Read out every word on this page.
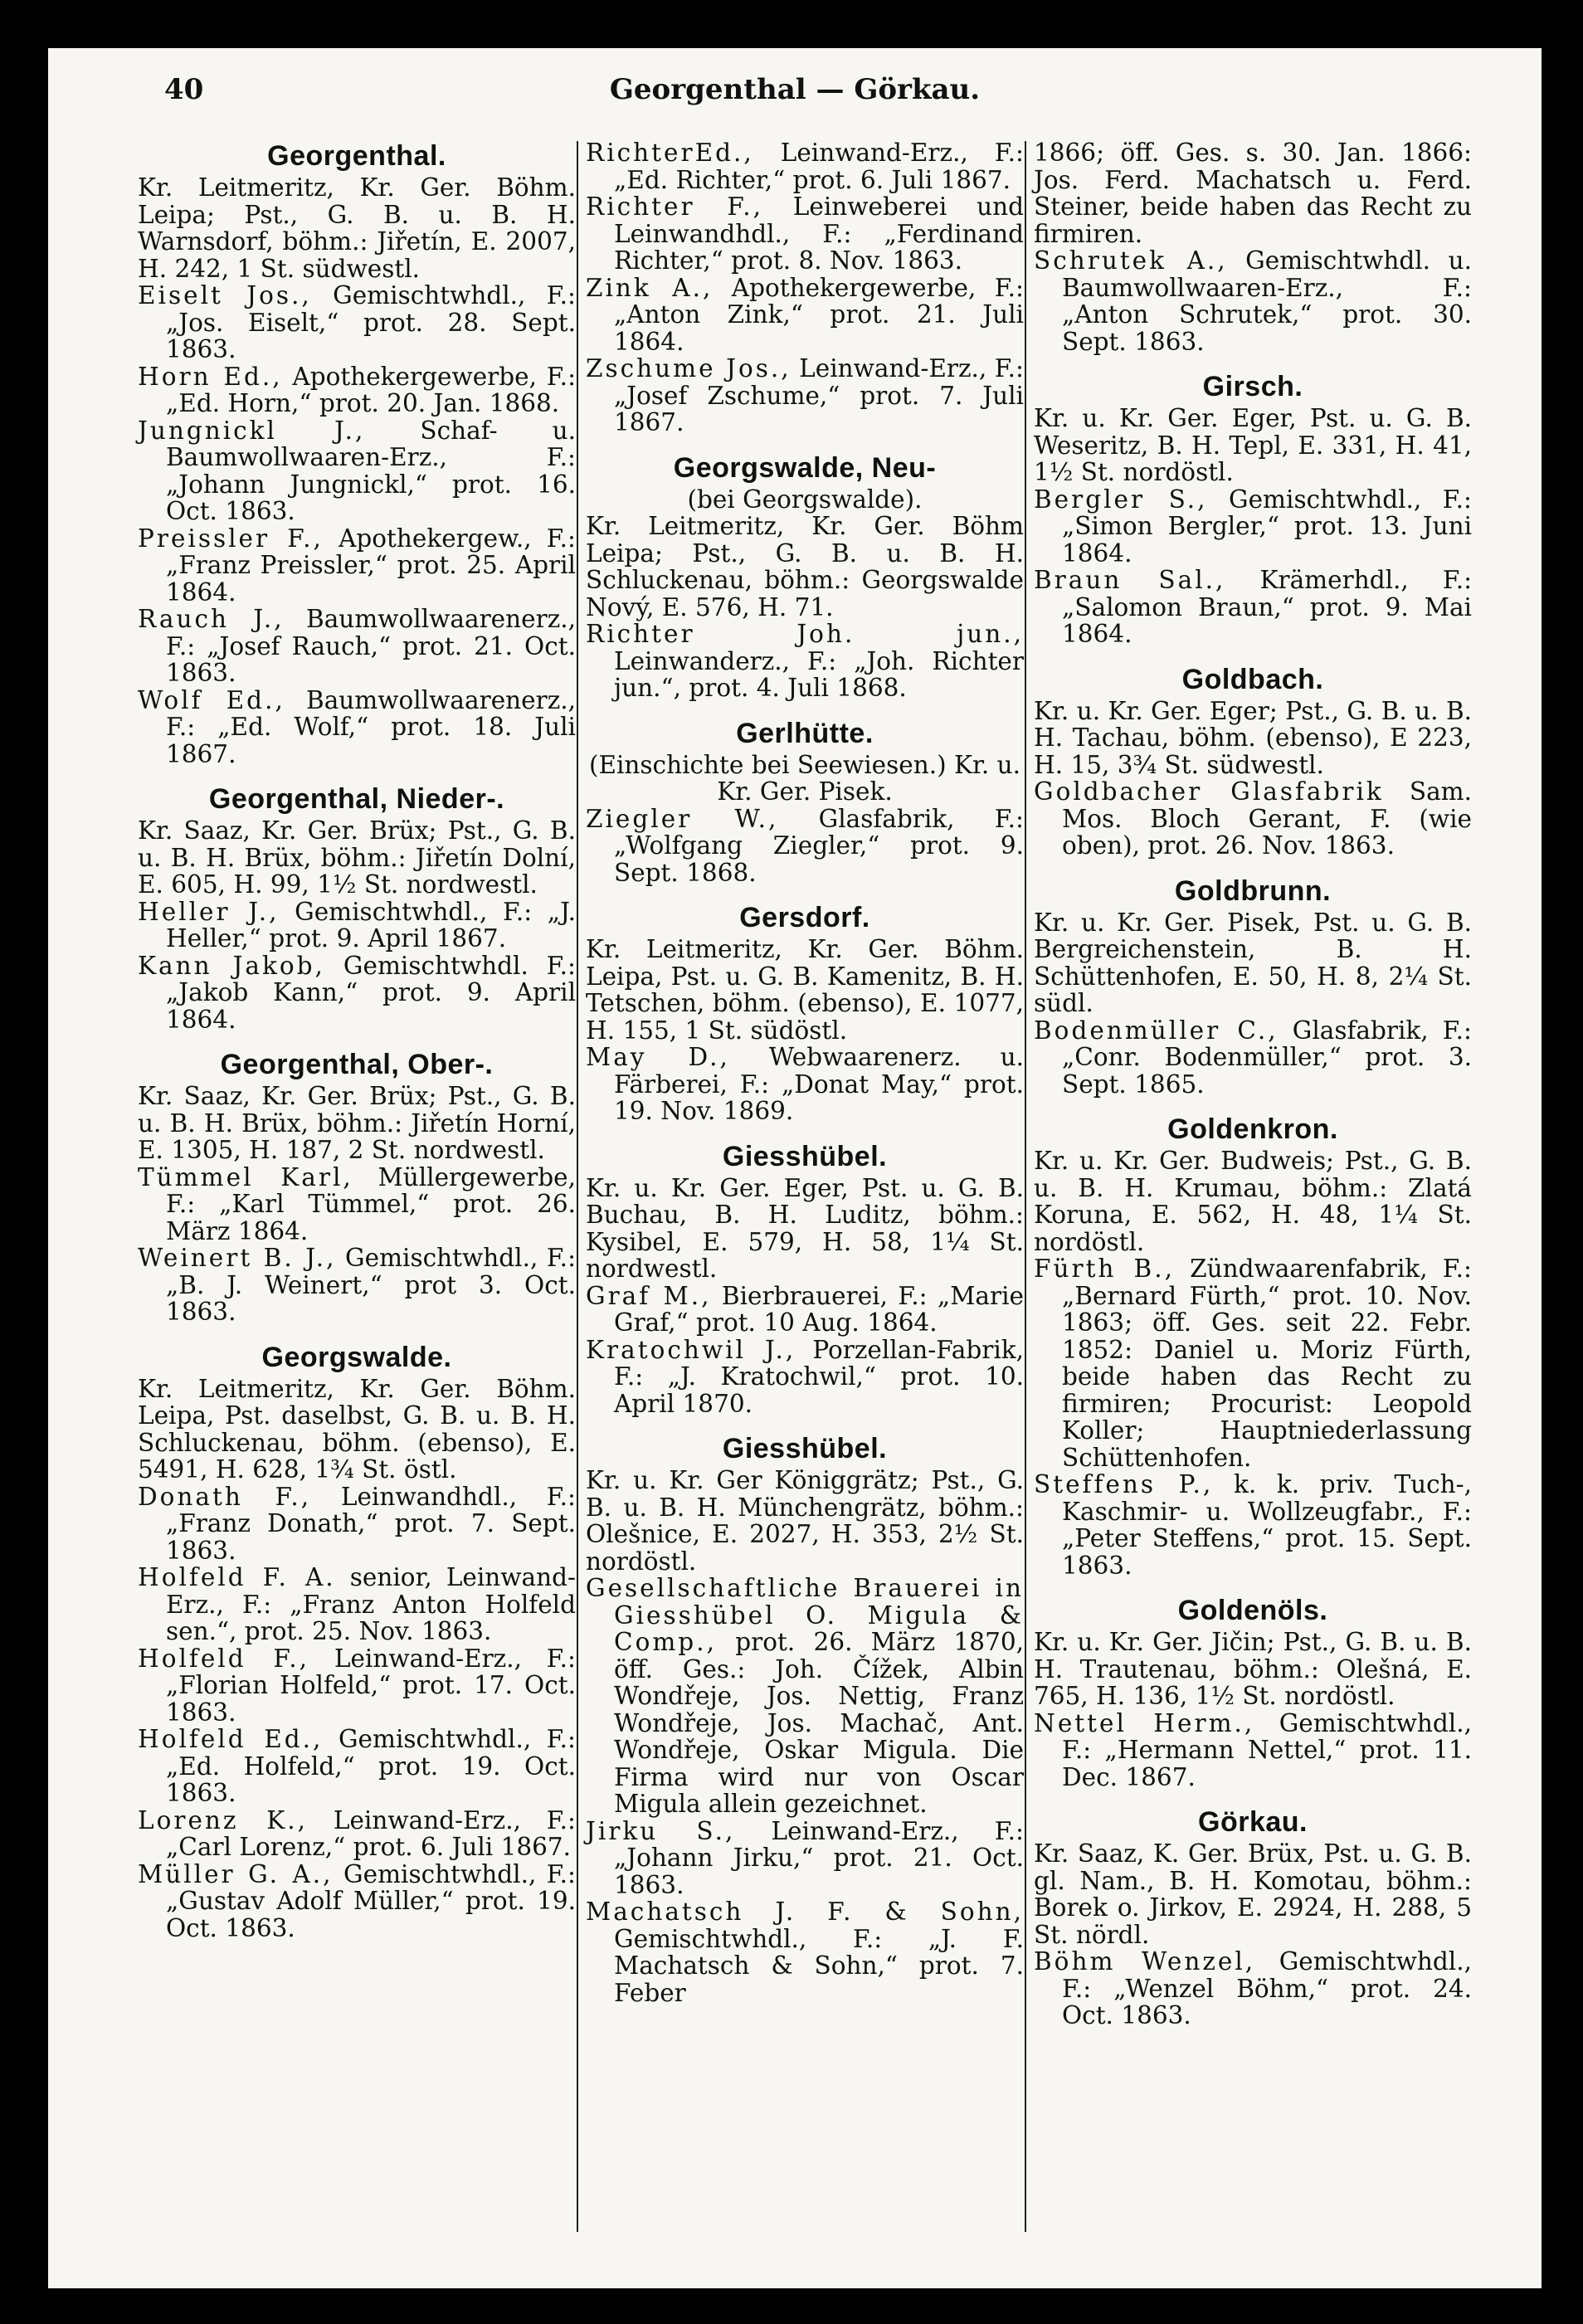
Georgenthal — Görkau.
40
Georgenthal.

Kr. Leitmeritz, Kr. Ger. Böhm. Leipa; Pst., G. B. u. B. H. Warnsdorf, böhm.: Jiřetín, E. 2007, H. 242, 1 St. südwestl.

Eiselt Jos., Gemischtwhdl., F.: „Jos. Eiselt,“ prot. 28. Sept. 1863.

Horn Ed., Apothekergewerbe, F.: „Ed. Horn,“ prot. 20. Jan. 1868.

Jungnickl J., Schaf- u. Baumwollwaaren-Erz., F.: „Johann Jungnickl,“ prot. 16. Oct. 1863.

Preissler F., Apothekergew., F.: „Franz Preissler,“ prot. 25. April 1864.

Rauch J., Baumwollwaarenerz., F.: „Josef Rauch,“ prot. 21. Oct. 1863.

Wolf Ed., Baumwollwaarenerz., F.: „Ed. Wolf,“ prot. 18. Juli 1867.

Georgenthal, Nieder-.

Kr. Saaz, Kr. Ger. Brüx; Pst., G. B. u. B. H. Brüx, böhm.: Jiřetín Dolní, E. 605, H. 99, 1½ St. nordwestl.

Heller J., Gemischtwhdl., F.: „J. Heller,“ prot. 9. April 1867.

Kann Jakob, Gemischtwhdl. F.: „Jakob Kann,“ prot. 9. April 1864.

Georgenthal, Ober-.

Kr. Saaz, Kr. Ger. Brüx; Pst., G. B. u. B. H. Brüx, böhm.: Jiřetín Horní, E. 1305, H. 187, 2 St. nordwestl.

Tümmel Karl, Müllergewerbe, F.: „Karl Tümmel,“ prot. 26. März 1864.

Weinert B. J., Gemischtwhdl., F.: „B. J. Weinert,“ prot 3. Oct. 1863.

Georgswalde.

Kr. Leitmeritz, Kr. Ger. Böhm. Leipa, Pst. daselbst, G. B. u. B. H. Schluckenau, böhm. (ebenso), E. 5491, H. 628, 1¾ St. östl.

Donath F., Leinwandhdl., F.: „Franz Donath,“ prot. 7. Sept. 1863.

Holfeld F. A. senior, Leinwand-Erz., F.: „Franz Anton Holfeld sen.“, prot. 25. Nov. 1863.

Holfeld F., Leinwand-Erz., F.: „Florian Holfeld,“ prot. 17. Oct. 1863.

Holfeld Ed., Gemischtwhdl., F.: „Ed. Holfeld,“ prot. 19. Oct. 1863.

Lorenz K., Leinwand-Erz., F.: „Carl Lorenz,“ prot. 6. Juli 1867.

Müller G. A., Gemischtwhdl., F.: „Gustav Adolf Müller,“ prot. 19. Oct. 1863.

RichterEd., Leinwand-Erz., F.: „Ed. Richter,“ prot. 6. Juli 1867.

Richter F., Leinweberei und Leinwandhdl., F.: „Ferdinand Richter,“ prot. 8. Nov. 1863.

Zink A., Apothekergewerbe, F.: „Anton Zink,“ prot. 21. Juli 1864.

Zschume Jos., Leinwand-Erz., F.: „Josef Zschume,“ prot. 7. Juli 1867.

Georgswalde, Neu-
(bei Georgswalde).

Kr. Leitmeritz, Kr. Ger. Böhm Leipa; Pst., G. B. u. B. H. Schluckenau, böhm.: Georgswalde Nový, E. 576, H. 71.

Richter Joh. jun., Leinwanderz., F.: „Joh. Richter jun.“, prot. 4. Juli 1868.

Gerlhütte.
(Einschichte bei Seewiesen.) Kr. u. Kr. Ger. Pisek.

Ziegler W., Glasfabrik, F.: „Wolfgang Ziegler,“ prot. 9. Sept. 1868.

Gersdorf.

Kr. Leitmeritz, Kr. Ger. Böhm. Leipa, Pst. u. G. B. Kamenitz, B. H. Tetschen, böhm. (ebenso), E. 1077, H. 155, 1 St. südöstl.

May D., Webwaarenerz. u. Färberei, F.: „Donat May,“ prot. 19. Nov. 1869.

Giesshübel.

Kr. u. Kr. Ger. Eger, Pst. u. G. B. Buchau, B. H. Luditz, böhm.: Kysibel, E. 579, H. 58, 1¼ St. nordwestl.

Graf M., Bierbrauerei, F.: „Marie Graf,“ prot. 10 Aug. 1864.

Kratochwil J., Porzellan-Fabrik, F.: „J. Kratochwil,“ prot. 10. April 1870.

Giesshübel.

Kr. u. Kr. Ger Königgrätz; Pst., G. B. u. B. H. Münchengrätz, böhm.: Olešnice, E. 2027, H. 353, 2½ St. nordöstl.

Gesellschaftliche Brauerei in Giesshübel O. Migula & Comp., prot. 26. März 1870, öff. Ges.: Joh. Čížek, Albin Wondřeje, Jos. Nettig, Franz Wondřeje, Jos. Machač, Ant. Wondřeje, Oskar Migula. Die Firma wird nur von Oscar Migula allein gezeichnet.

Jirku S., Leinwand-Erz., F.: „Johann Jirku,“ prot. 21. Oct. 1863.

Machatsch J. F. & Sohn, Gemischtwhdl., F.: „J. F. Machatsch & Sohn,“ prot. 7. Feber

1866; öff. Ges. s. 30. Jan. 1866: Jos. Ferd. Machatsch u. Ferd. Steiner, beide haben das Recht zu firmiren.

Schrutek A., Gemischtwhdl. u. Baumwollwaaren-Erz., F.: „Anton Schrutek,“ prot. 30. Sept. 1863.

Girsch.

Kr. u. Kr. Ger. Eger, Pst. u. G. B. Weseritz, B. H. Tepl, E. 331, H. 41, 1½ St. nordöstl.

Bergler S., Gemischtwhdl., F.: „Simon Bergler,“ prot. 13. Juni 1864.

Braun Sal., Krämerhdl., F.: „Salomon Braun,“ prot. 9. Mai 1864.

Goldbach.

Kr. u. Kr. Ger. Eger; Pst., G. B. u. B. H. Tachau, böhm. (ebenso), E 223, H. 15, 3¾ St. südwestl.

Goldbacher Glasfabrik Sam. Mos. Bloch Gerant, F. (wie oben), prot. 26. Nov. 1863.

Goldbrunn.

Kr. u. Kr. Ger. Pisek, Pst. u. G. B. Bergreichenstein, B. H. Schüttenhofen, E. 50, H. 8, 2¼ St. südl.

Bodenmüller C., Glasfabrik, F.: „Conr. Bodenmüller,“ prot. 3. Sept. 1865.

Goldenkron.

Kr. u. Kr. Ger. Budweis; Pst., G. B. u. B. H. Krumau, böhm.: Zlatá Koruna, E. 562, H. 48, 1¼ St. nordöstl.

Fürth B., Zündwaarenfabrik, F.: „Bernard Fürth,“ prot. 10. Nov. 1863; öff. Ges. seit 22. Febr. 1852: Daniel u. Moriz Fürth, beide haben das Recht zu firmiren; Procurist: Leopold Koller; Hauptniederlassung Schüttenhofen.

Steffens P., k. k. priv. Tuch-, Kaschmir- u. Wollzeugfabr., F.: „Peter Steffens,“ prot. 15. Sept. 1863.

Goldenöls.

Kr. u. Kr. Ger. Jičin; Pst., G. B. u. B. H. Trautenau, böhm.: Olešná, E. 765, H. 136, 1½ St. nordöstl.

Nettel Herm., Gemischtwhdl., F.: „Hermann Nettel,“ prot. 11. Dec. 1867.

Görkau.

Kr. Saaz, K. Ger. Brüx, Pst. u. G. B. gl. Nam., B. H. Komotau, böhm.: Borek o. Jirkov, E. 2924, H. 288, 5 St. nördl.

Böhm Wenzel, Gemischtwhdl., F.: „Wenzel Böhm,“ prot. 24. Oct. 1863.
